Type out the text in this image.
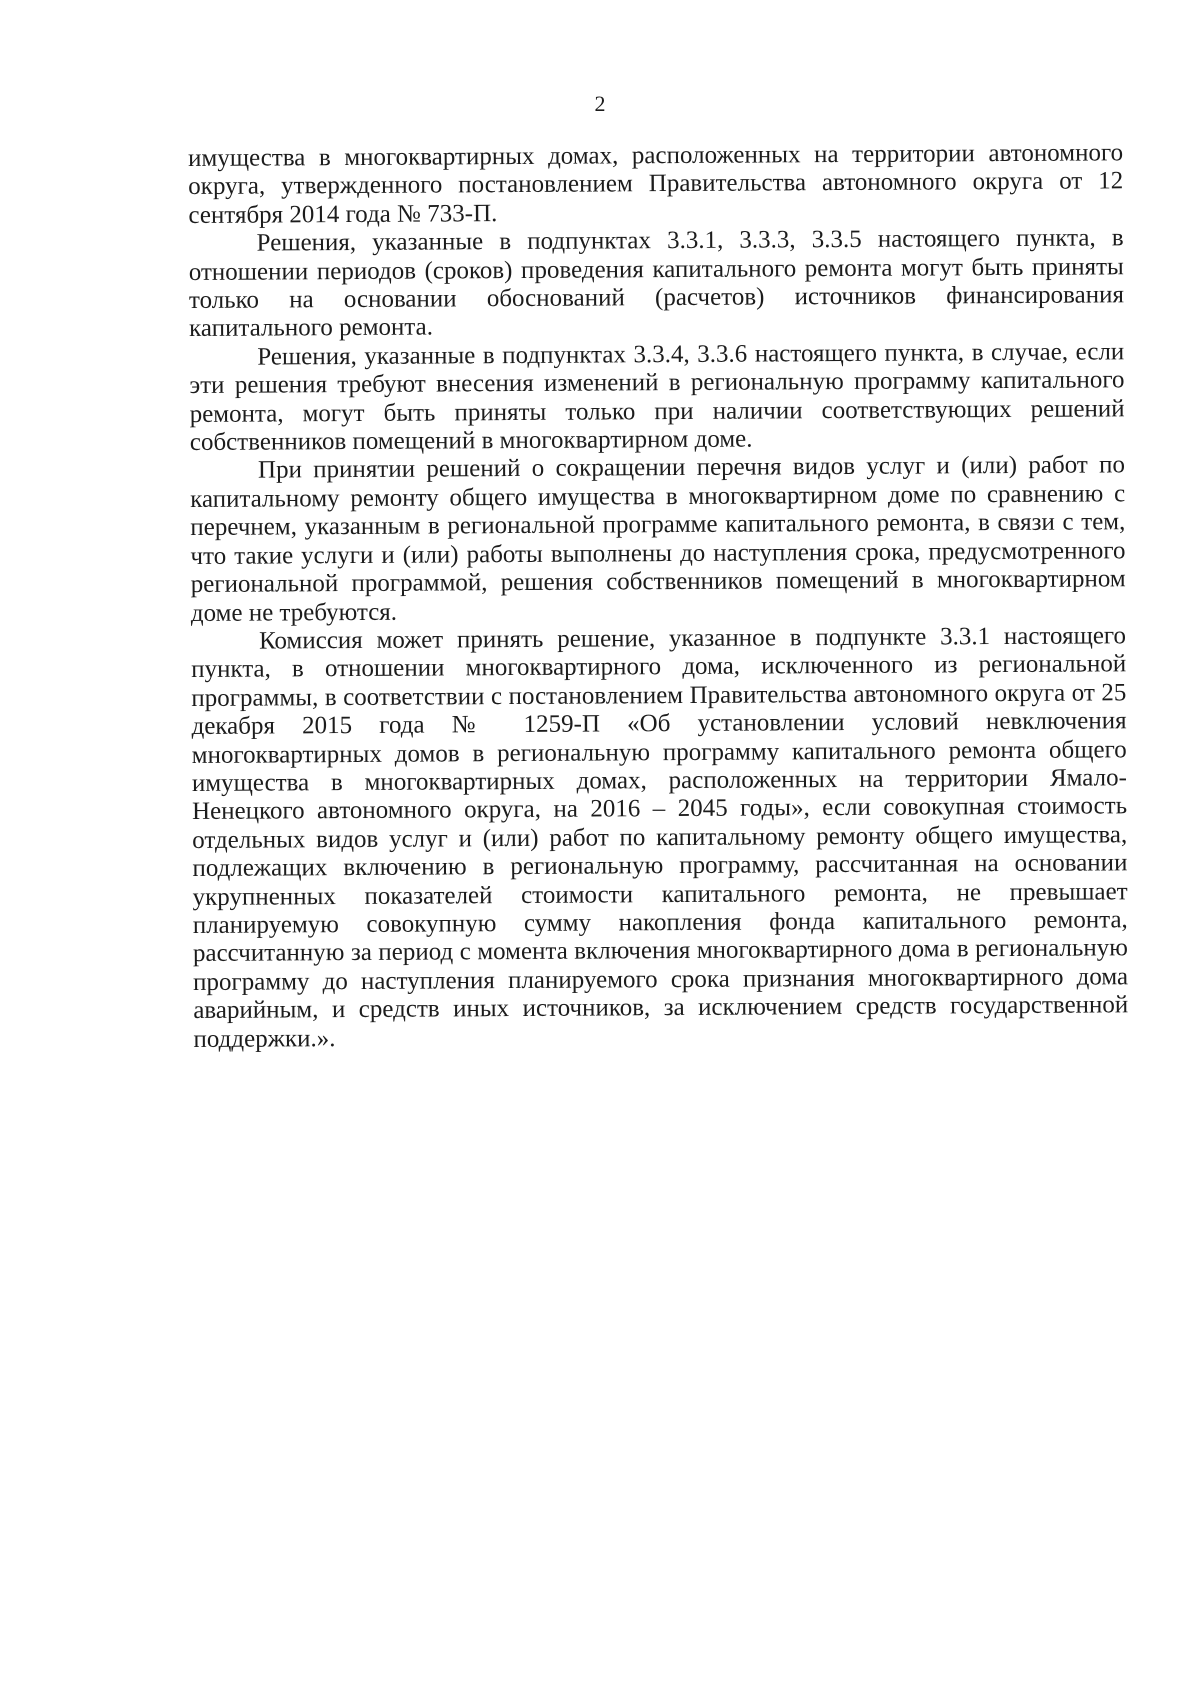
2

имущества в многоквартирных домах, расположенных на территории автономного округа, утвержденного постановлением Правительства автономного округа от 12 сентября 2014 года № 733-П.

Решения, указанные в подпунктах 3.3.1, 3.3.3, 3.3.5 настоящего пункта, в отношении периодов (сроков) проведения капитального ремонта могут быть приняты только на основании обоснований (расчетов) источников финансирования капитального ремонта.

Решения, указанные в подпунктах 3.3.4, 3.3.6 настоящего пункта, в случае, если эти решения требуют внесения изменений в региональную программу капитального ремонта, могут быть приняты только при наличии соответствующих решений собственников помещений в многоквартирном доме.

При принятии решений о сокращении перечня видов услуг и (или) работ по капитальному ремонту общего имущества в многоквартирном доме по сравнению с перечнем, указанным в региональной программе капитального ремонта, в связи с тем, что такие услуги и (или) работы выполнены до наступления срока, предусмотренного региональной программой, решения собственников помещений в многоквартирном доме не требуются.

Комиссия может принять решение, указанное в подпункте 3.3.1 настоящего пункта, в отношении многоквартирного дома, исключенного из региональной программы, в соответствии с постановлением Правительства автономного округа от 25 декабря 2015 года № 1259-П «Об установлении условий невключения многоквартирных домов в региональную программу капитального ремонта общего имущества в многоквартирных домах, расположенных на территории Ямало-Ненецкого автономного округа, на 2016 – 2045 годы», если совокупная стоимость отдельных видов услуг и (или) работ по капитальному ремонту общего имущества, подлежащих включению в региональную программу, рассчитанная на основании укрупненных показателей стоимости капитального ремонта, не превышает планируемую совокупную сумму накопления фонда капитального ремонта, рассчитанную за период с момента включения многоквартирного дома в региональную программу до наступления планируемого срока признания многоквартирного дома аварийным, и средств иных источников, за исключением средств государственной поддержки.».
